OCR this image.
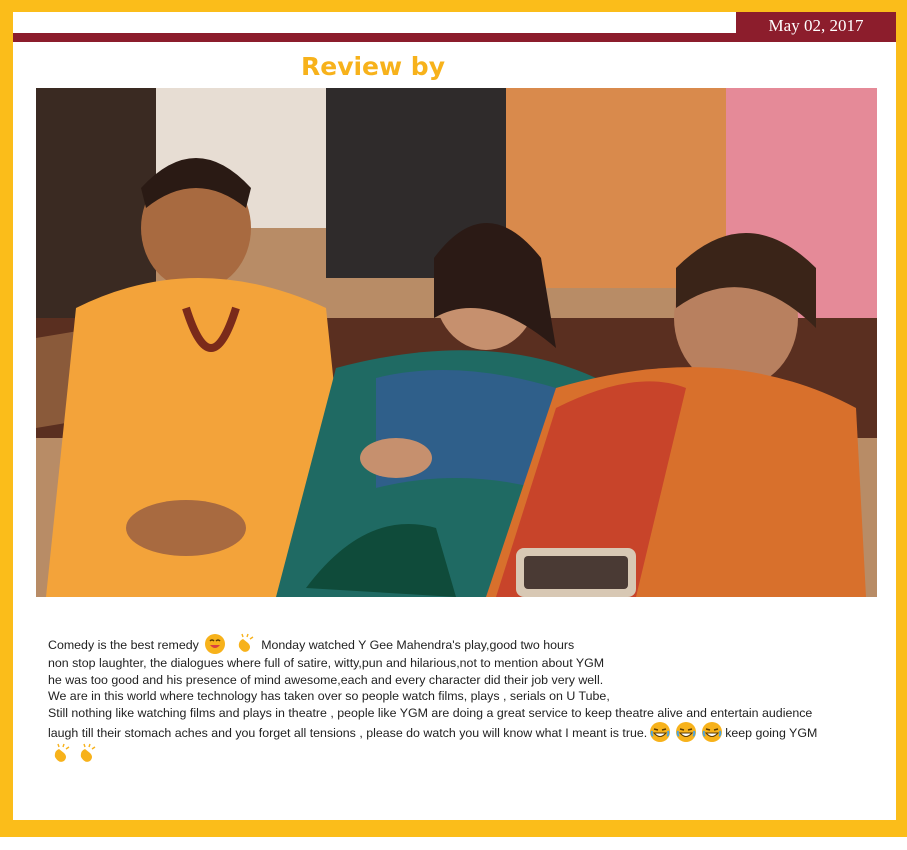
May 02, 2017
Review by
Comedy is the best remedy	Monday watched Y Gee Mahendra's play,good two hours
non stop laughter, the dialogues where full of satire, witty,pun and hilarious,not to mention about YGM
he was too good and his presence of mind awesome,each and every character did their job very well.
We are in this world where technology has taken over so people watch films, plays , serials on U Tube,
Still nothing like watching films and plays in theatre , people like YGM are doing a great service to keep theatre alive and entertain audience
laugh till their stomach aches and you forget all tensions , please do watch you will know what I meant is true.	keep going YGM
